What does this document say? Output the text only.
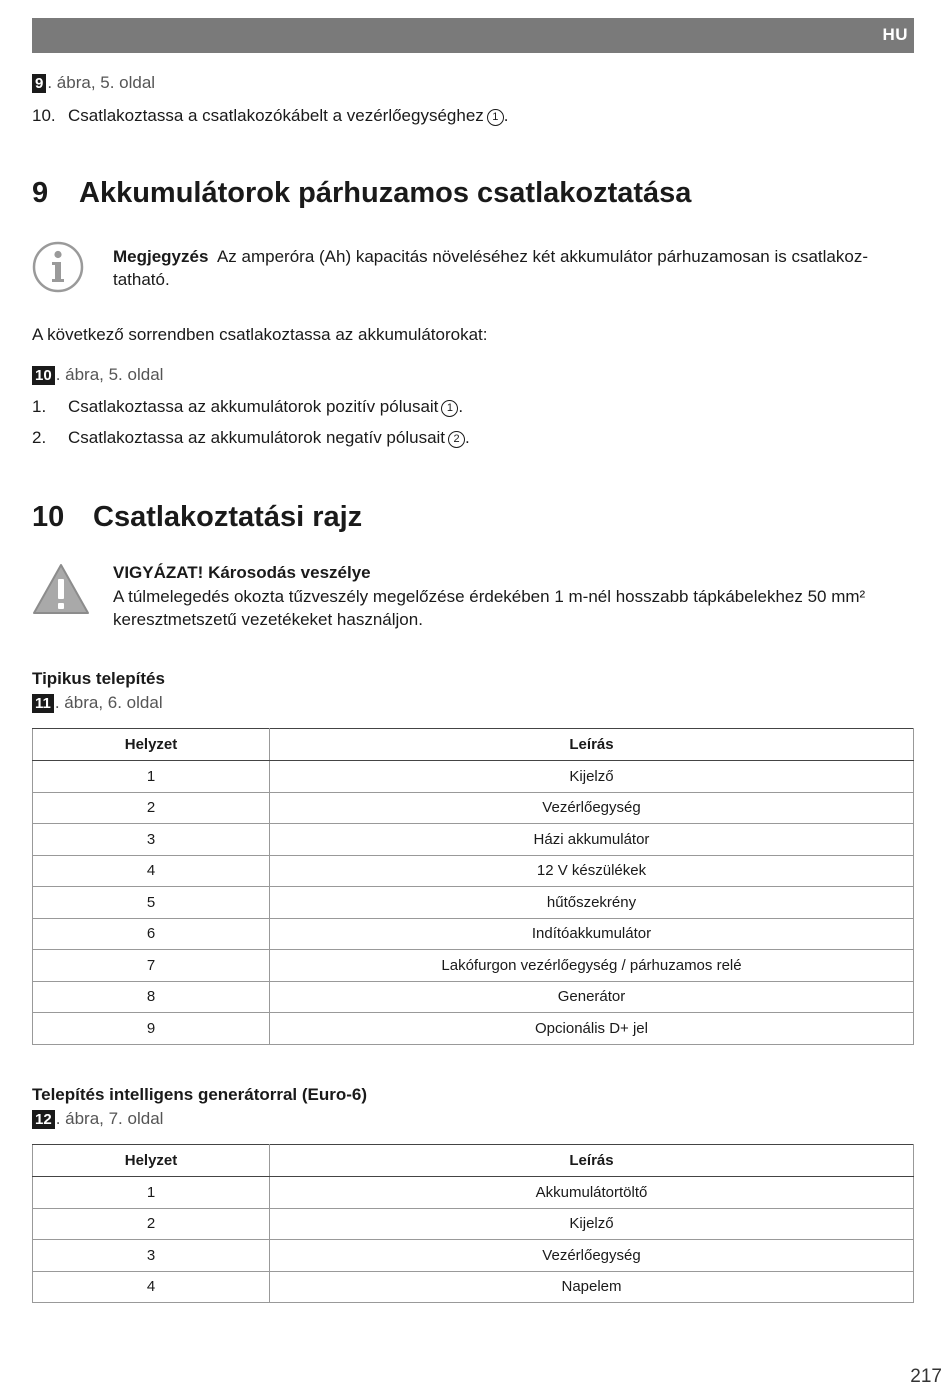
HU
9 . ábra, 5. oldal
10. Csatlakoztassa a csatlakozókábelt a vezérlőegységhez 1 .
9 Akkumulátorok párhuzamos csatlakoztatása
Megjegyzés Az amperóra (Ah) kapacitás növeléséhez két akkumulátor párhuzamosan is csatlakoz-tatható.
A következő sorrendben csatlakoztassa az akkumulátorokat:
10 . ábra, 5. oldal
1. Csatlakoztassa az akkumulátorok pozitív pólusait 1 .
2. Csatlakoztassa az akkumulátorok negatív pólusait 2 .
10 Csatlakoztatási rajz
VIGYÁZAT! Károsodás veszélye
A túlmelegedés okozta tűzveszély megelőzése érdekében 1 m-nél hosszabb tápkábelekhez 50 mm² keresztmetszetű vezetékeket használjon.
Tipikus telepítés
11 . ábra, 6. oldal
Helyzet	Leírás
1	Kijelző
2	Vezérlőegység
3	Házi akkumulátor
4	12 V készülékek
5	hűtőszekrény
6	Indítóakkumulátor
7	Lakófurgon vezérlőegység / párhuzamos relé
8	Generátor
9	Opcionális D+ jel
Telepítés intelligens generátorral (Euro-6)
12 . ábra, 7. oldal
Helyzet	Leírás
1	Akkumulátortöltő
2	Kijelző
3	Vezérlőegység
4	Napelem
217
